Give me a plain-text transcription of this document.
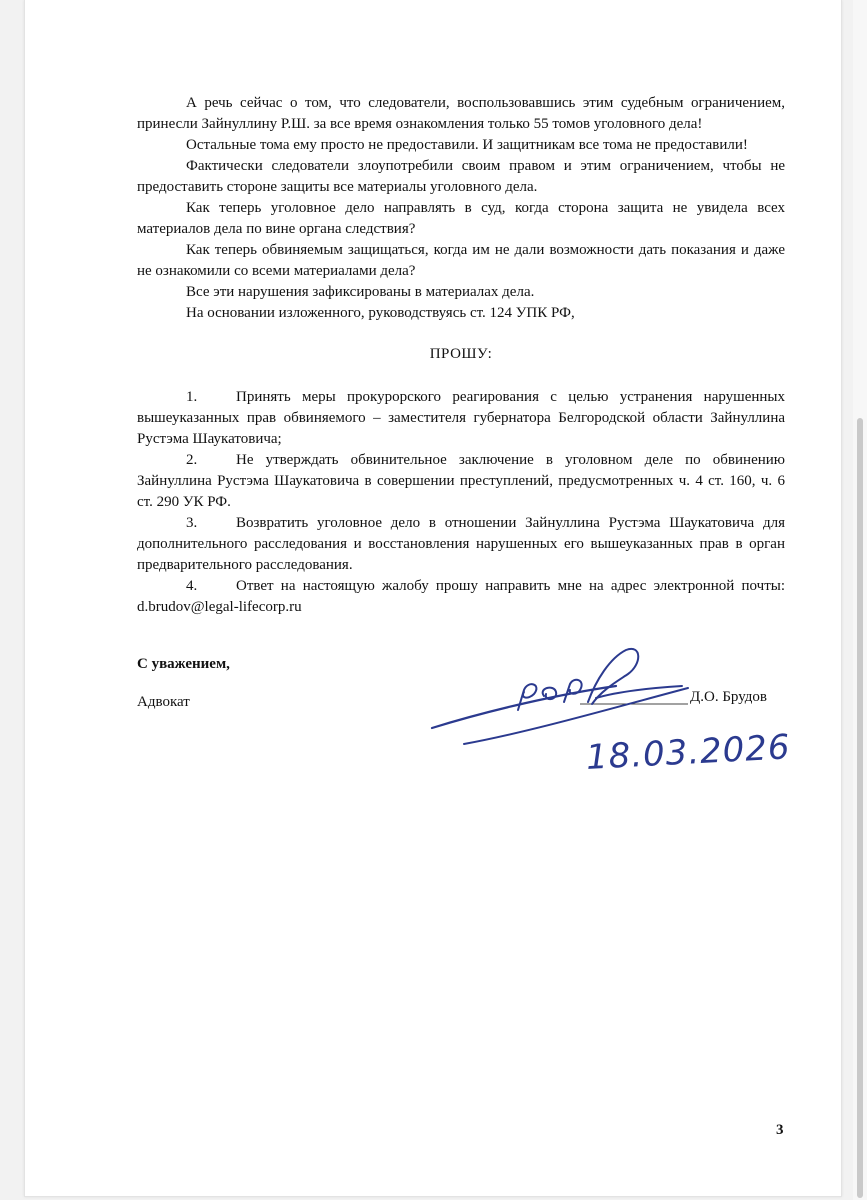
А речь сейчас о том, что следователи, воспользовавшись этим судебным ограничением, принесли Зайнуллину Р.Ш. за все время ознакомления только 55 томов уголовного дела!

Остальные тома ему просто не предоставили. И защитникам все тома не предоставили!

Фактически следователи злоупотребили своим правом и этим ограничением, чтобы не предоставить стороне защиты все материалы уголовного дела.

Как теперь уголовное дело направлять в суд, когда сторона защита не увидела всех материалов дела по вине органа следствия?

Как теперь обвиняемым защищаться, когда им не дали возможности дать показания и даже не ознакомили со всеми материалами дела?

Все эти нарушения зафиксированы в материалах дела.

На основании изложенного, руководствуясь ст. 124 УПК РФ,

ПРОШУ:

1.	Принять меры прокурорского реагирования с целью устранения нарушенных вышеуказанных прав обвиняемого – заместителя губернатора Белгородской области Зайнуллина Рустэма Шаукатовича;

2.	Не утверждать обвинительное заключение в уголовном деле по обвинению Зайнуллина Рустэма Шаукатовича в совершении преступлений, предусмотренных ч. 4 ст. 160, ч. 6 ст. 290 УК РФ.

3.	Возвратить уголовное дело в отношении Зайнуллина Рустэма Шаукатовича для дополнительного расследования и восстановления нарушенных его вышеуказанных прав в орган предварительного расследования.

4.	Ответ на настоящую жалобу прошу направить мне на адрес электронной почты: d.brudov@legal-lifecorp.ru

С уважением,
Адвокат	Д.О. Брудов
18.03.2026
3
